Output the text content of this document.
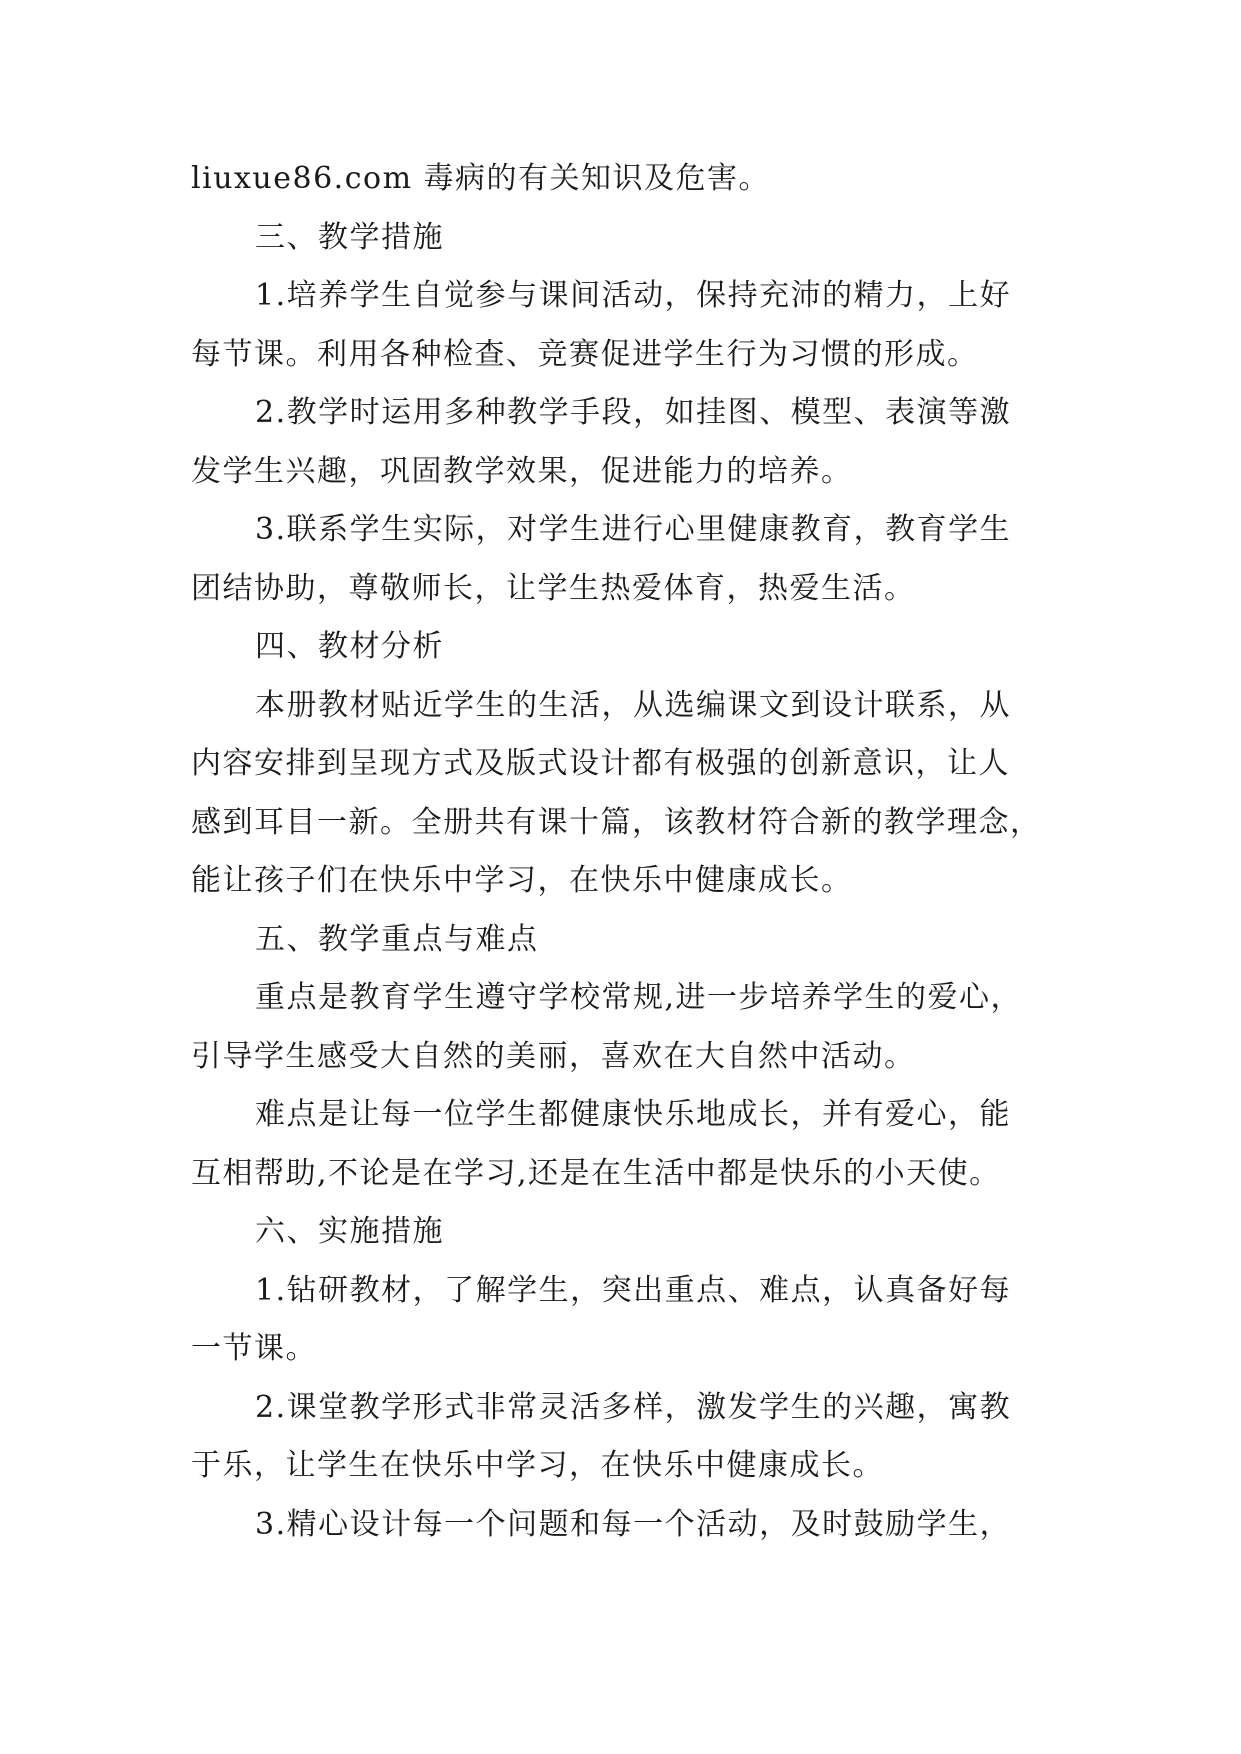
liuxue86.com 毒病的有关知识及危害。
三、教学措施
1.培养学生自觉参与课间活动，保持充沛的精力，上好
每节课。利用各种检查、竞赛促进学生行为习惯的形成。
2.教学时运用多种教学手段，如挂图、模型、表演等激
发学生兴趣，巩固教学效果，促进能力的培养。
3.联系学生实际，对学生进行心里健康教育，教育学生
团结协助，尊敬师长，让学生热爱体育，热爱生活。
四、教材分析
本册教材贴近学生的生活，从选编课文到设计联系，从
内容安排到呈现方式及版式设计都有极强的创新意识，让人
感到耳目一新。全册共有课十篇，该教材符合新的教学理念，
能让孩子们在快乐中学习，在快乐中健康成长。
五、教学重点与难点
重点是教育学生遵守学校常规,进一步培养学生的爱心，
引导学生感受大自然的美丽，喜欢在大自然中活动。
难点是让每一位学生都健康快乐地成长，并有爱心，能
互相帮助,不论是在学习,还是在生活中都是快乐的小天使。
六、实施措施
1.钻研教材，了解学生，突出重点、难点，认真备好每
一节课。
2.课堂教学形式非常灵活多样，激发学生的兴趣，寓教
于乐，让学生在快乐中学习，在快乐中健康成长。
3.精心设计每一个问题和每一个活动，及时鼓励学生，
